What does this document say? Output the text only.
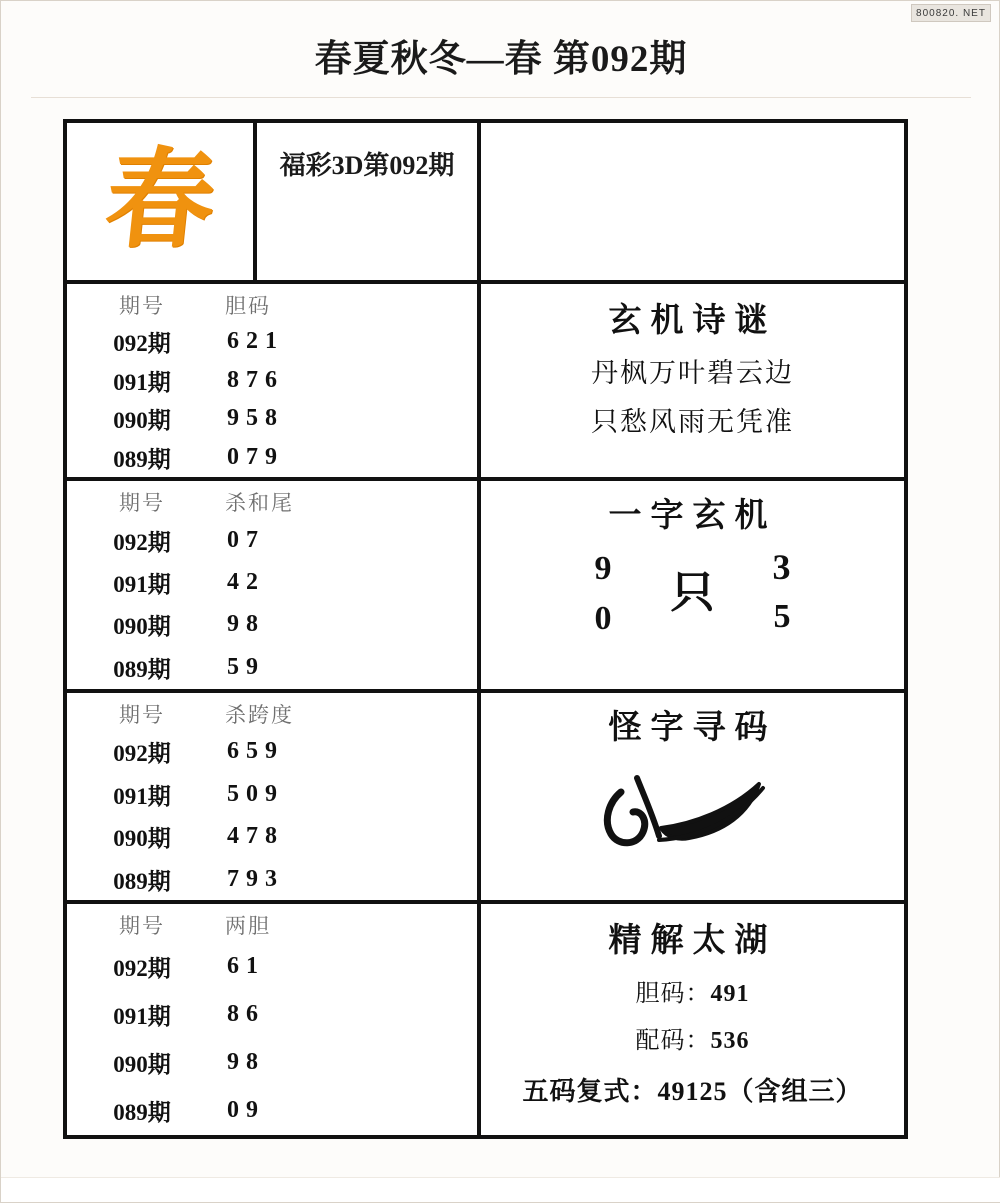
800820. NET
春夏秋冬—春 第092期
春 福彩3D第092期
期号	胆码
092期	621
091期	876
090期	958
089期	079
期号	杀和尾
092期	07
091期	42
090期	98
089期	59
期号	杀跨度
092期	659
091期	509
090期	478
089期	793
期号	两胆
092期	61
091期	86
090期	98
089期	09
玄机诗谜
丹枫万叶碧云边
只愁风雨无凭准
一字玄机
9	3
0	5
只
怪字寻码
精解太湖
胆码：491
配码：536
五码复式：49125（含组三）
